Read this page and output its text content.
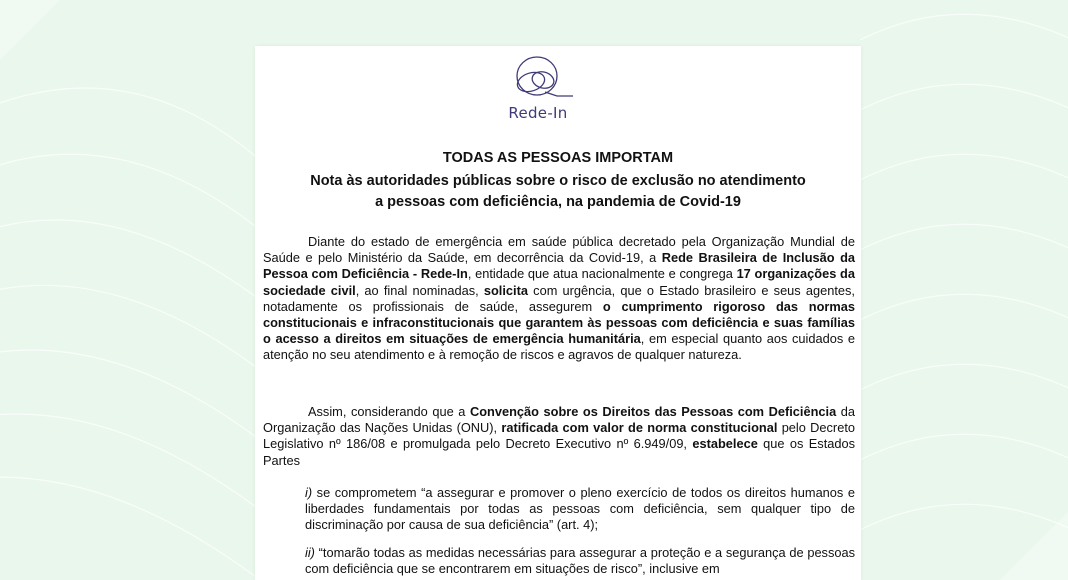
Rede-In
TODAS AS PESSOAS IMPORTAM
Nota às autoridades públicas sobre o risco de exclusão no atendimento
a pessoas com deficiência, na pandemia de Covid-19

Diante do estado de emergência em saúde pública decretado pela Organização Mundial de Saúde e pelo Ministério da Saúde, em decorrência da Covid-19, a Rede Brasileira de Inclusão da Pessoa com Deficiência - Rede-In, entidade que atua nacionalmente e congrega 17 organizações da sociedade civil, ao final nominadas, solicita com urgência, que o Estado brasileiro e seus agentes, notadamente os profissionais de saúde, assegurem o cumprimento rigoroso das normas constitucionais e infraconstitucionais que garantem às pessoas com deficiência e suas famílias o acesso a direitos em situações de emergência humanitária, em especial quanto aos cuidados e atenção no seu atendimento e à remoção de riscos e agravos de qualquer natureza.

Assim, considerando que a Convenção sobre os Direitos das Pessoas com Deficiência da Organização das Nações Unidas (ONU), ratificada com valor de norma constitucional pelo Decreto Legislativo nº 186/08 e promulgada pelo Decreto Executivo nº 6.949/09, estabelece que os Estados Partes

i) se comprometem “a assegurar e promover o pleno exercício de todos os direitos humanos e liberdades fundamentais por todas as pessoas com deficiência, sem qualquer tipo de discriminação por causa de sua deficiência” (art. 4);

ii) “tomarão todas as medidas necessárias para assegurar a proteção e a segurança de pessoas com deficiência que se encontrarem em situações de risco”, inclusive em
